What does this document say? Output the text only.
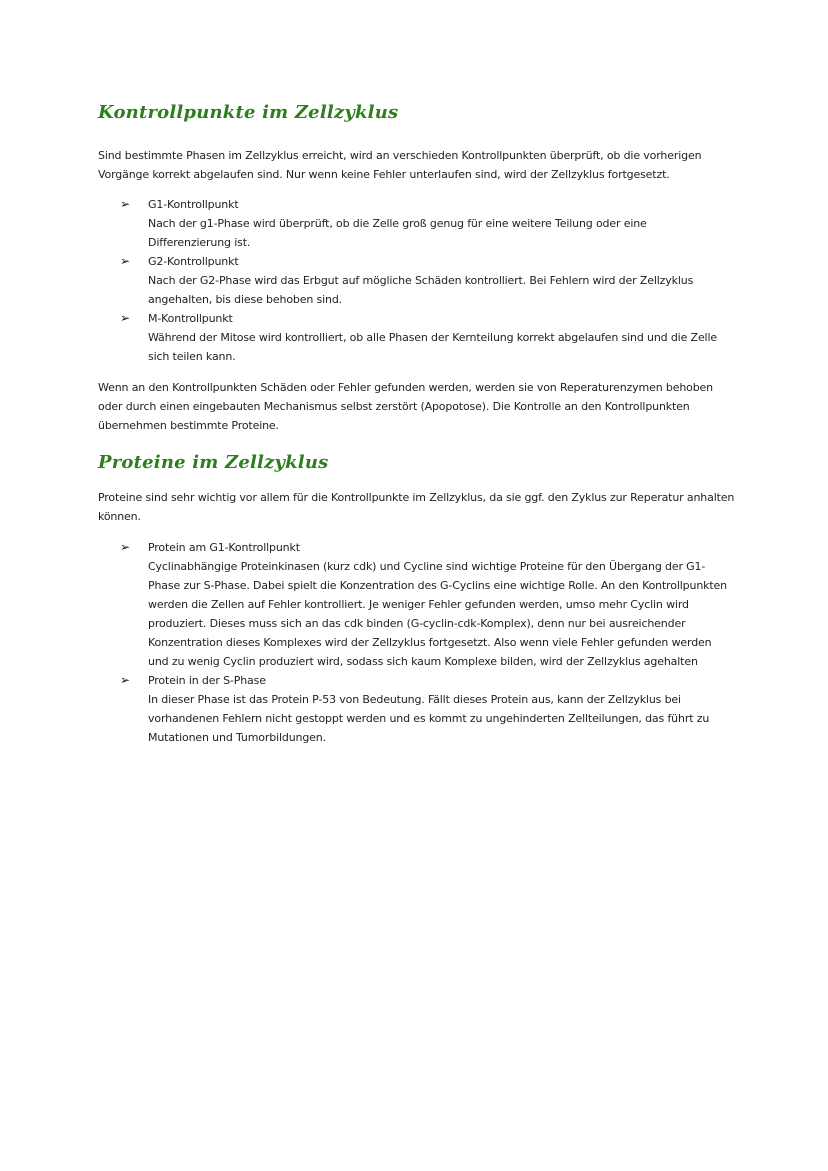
Kontrollpunkte im Zellzyklus
Sind bestimmte Phasen im Zellzyklus erreicht, wird an verschieden Kontrollpunkten überprüft, ob die vorherigen Vorgänge korrekt abgelaufen sind. Nur wenn keine Fehler unterlaufen sind, wird der Zellzyklus fortgesetzt.
➢ G1-Kontrollpunkt
Nach der g1-Phase wird überprüft, ob die Zelle groß genug für eine weitere Teilung oder eine Differenzierung ist.
➢ G2-Kontrollpunkt
Nach der G2-Phase wird das Erbgut auf mögliche Schäden kontrolliert. Bei Fehlern wird der Zellzyklus angehalten, bis diese behoben sind.
➢ M-Kontrollpunkt
Während der Mitose wird kontrolliert, ob alle Phasen der Kernteilung korrekt abgelaufen sind und die Zelle sich teilen kann.
Wenn an den Kontrollpunkten Schäden oder Fehler gefunden werden, werden sie von Reperaturenzymen behoben oder durch einen eingebauten Mechanismus selbst zerstört (Apopotose). Die Kontrolle an den Kontrollpunkten übernehmen bestimmte Proteine.
Proteine im Zellzyklus
Proteine sind sehr wichtig vor allem für die Kontrollpunkte im Zellzyklus, da sie ggf. den Zyklus zur Reperatur anhalten können.
➢ Protein am G1-Kontrollpunkt
Cyclinabhängige Proteinkinasen (kurz cdk) und Cycline sind wichtige Proteine für den Übergang der G1-Phase zur S-Phase. Dabei spielt die Konzentration des G-Cyclins eine wichtige Rolle. An den Kontrollpunkten werden die Zellen auf Fehler kontrolliert. Je weniger Fehler gefunden werden, umso mehr Cyclin wird produziert. Dieses muss sich an das cdk binden (G-cyclin-cdk-Komplex), denn nur bei ausreichender Konzentration dieses Komplexes wird der Zellzyklus fortgesetzt. Also wenn viele Fehler gefunden werden und zu wenig Cyclin produziert wird, sodass sich kaum Komplexe bilden, wird der Zellzyklus agehalten
➢ Protein in der S-Phase
In dieser Phase ist das Protein P-53 von Bedeutung. Fällt dieses Protein aus, kann der Zellzyklus bei vorhandenen Fehlern nicht gestoppt werden und es kommt zu ungehinderten Zellteilungen, das führt zu Mutationen und Tumorbildungen.
